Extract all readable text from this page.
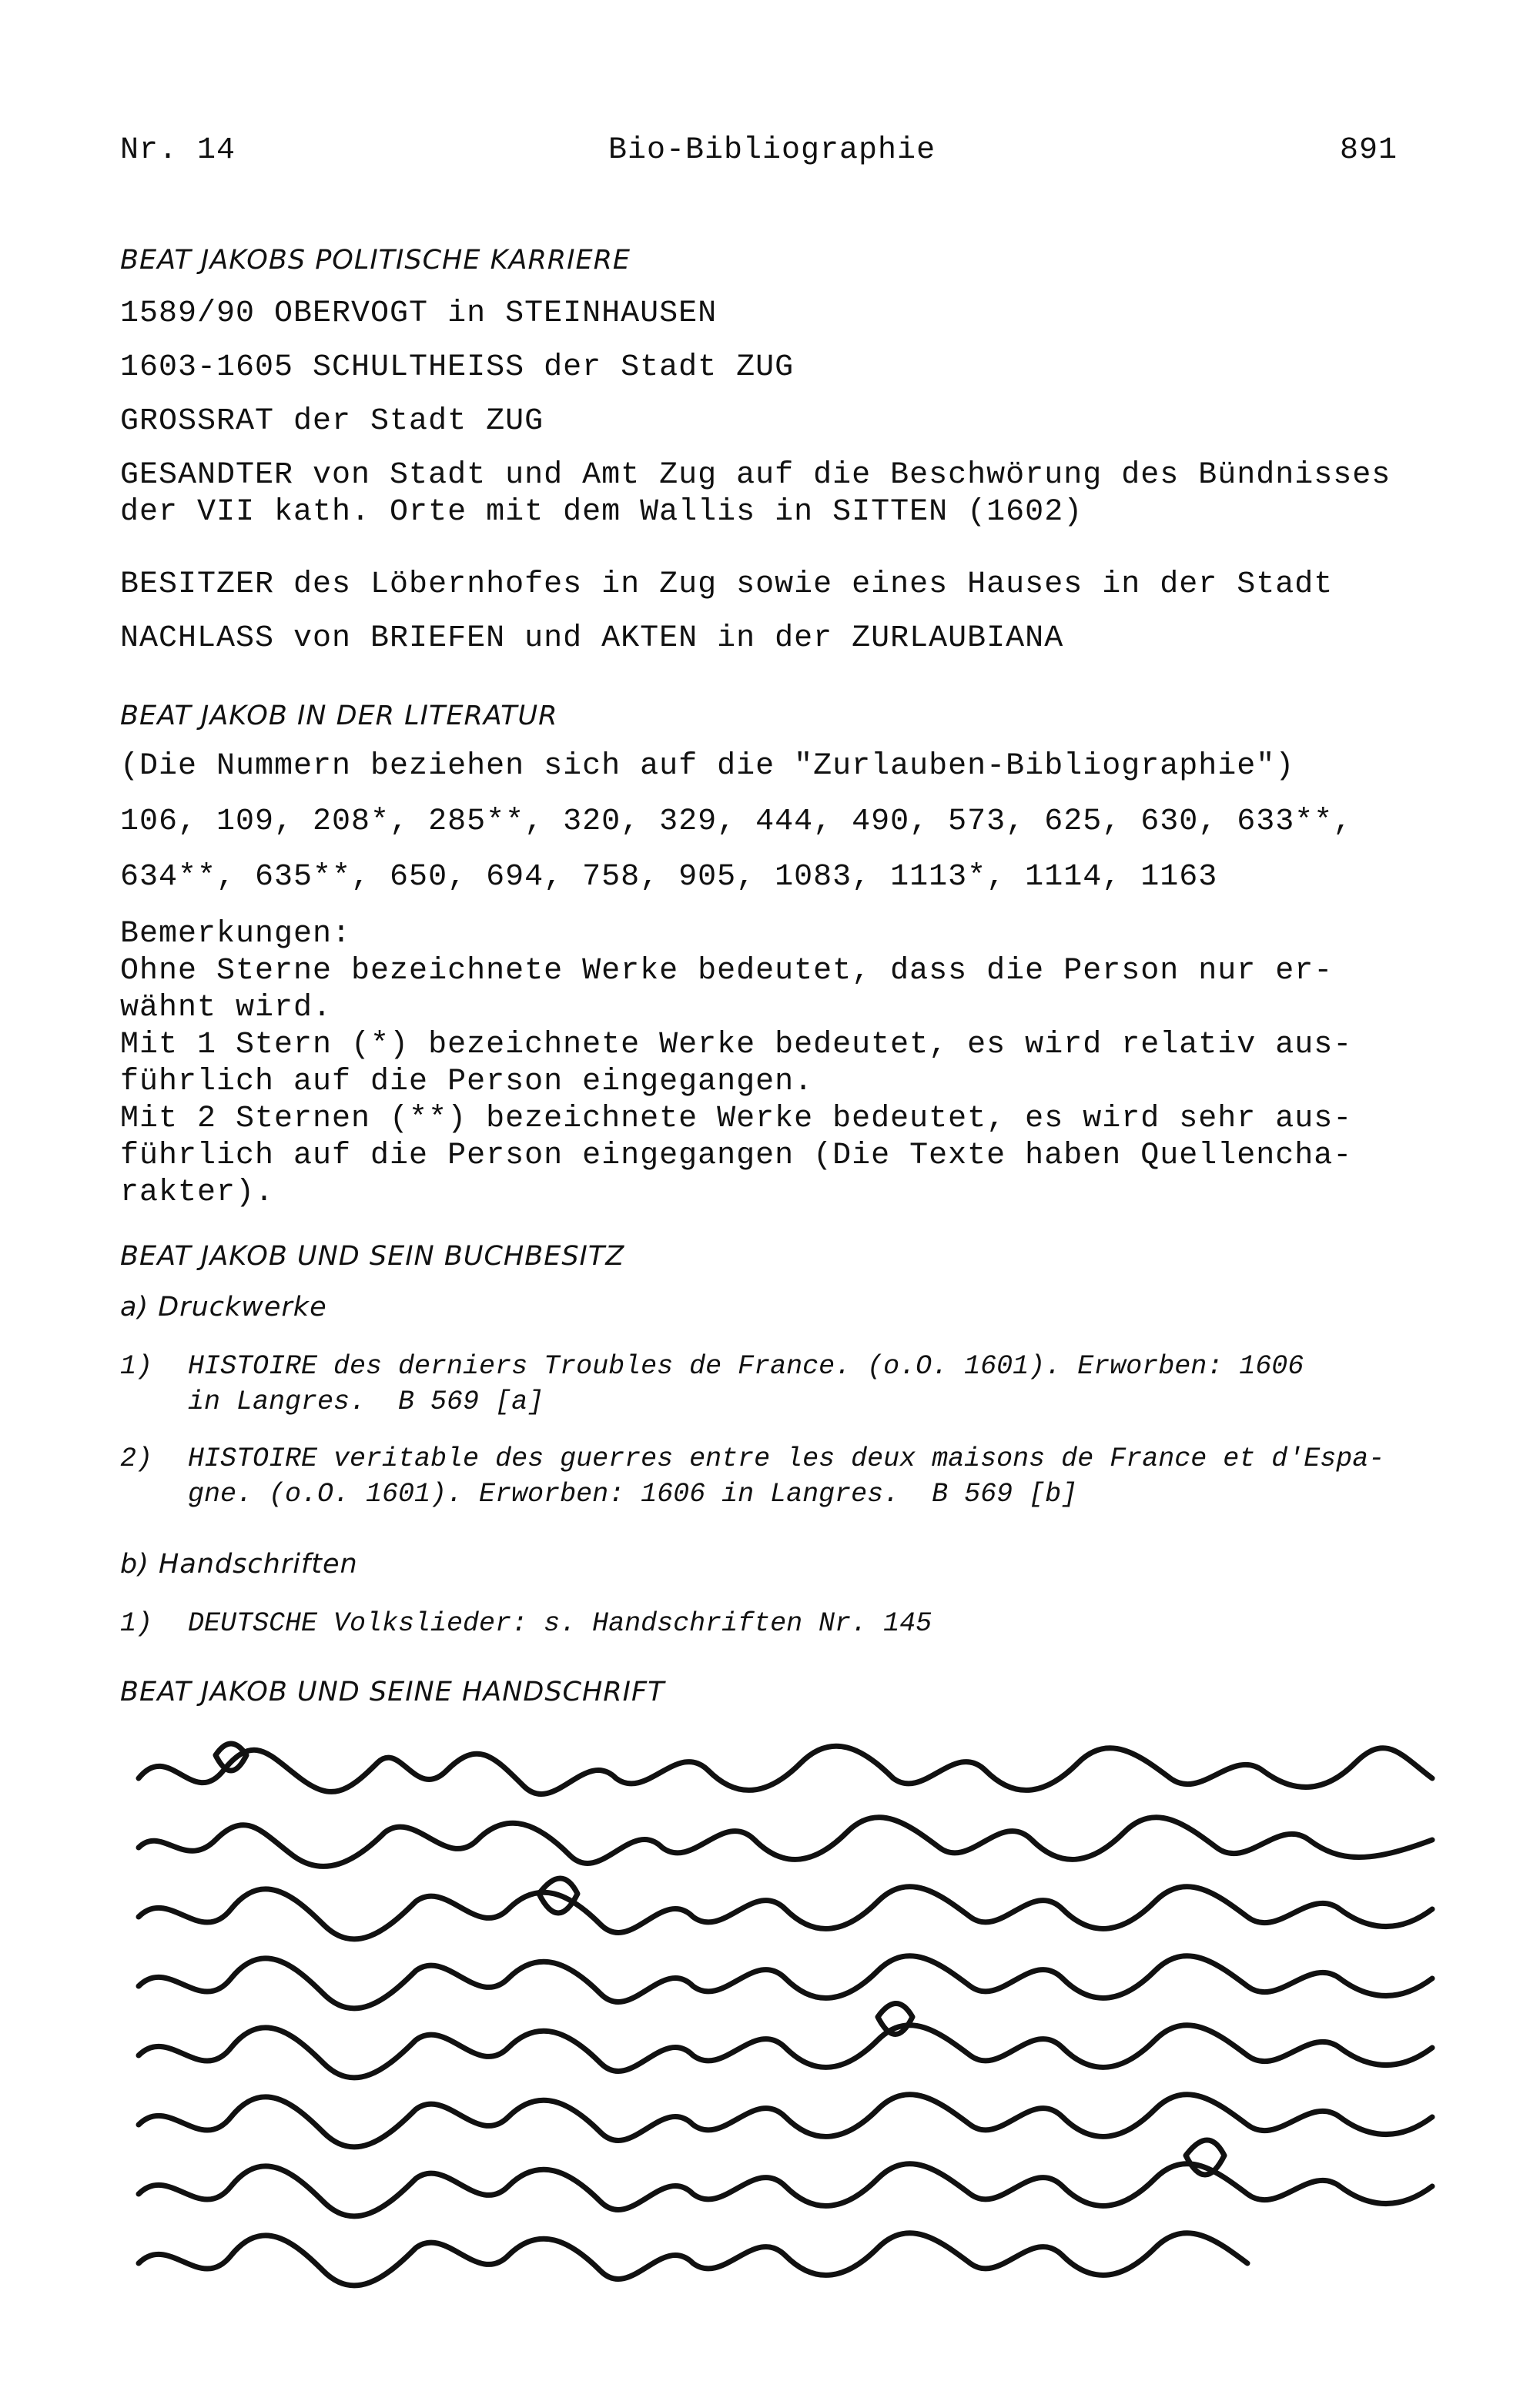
Nr. 14	Bio-Bibliographie	891
BEAT JAKOBS POLITISCHE KARRIERE
1589/90 OBERVOGT in STEINHAUSEN
1603-1605 SCHULTHEISS der Stadt ZUG
GROSSRAT der Stadt ZUG
GESANDTER von Stadt und Amt Zug auf die Beschwörung des Bündnisses
der VII kath. Orte mit dem Wallis in SITTEN (1602)
BESITZER des Löbernhofes in Zug sowie eines Hauses in der Stadt
NACHLASS von BRIEFEN und AKTEN in der ZURLAUBIANA
BEAT JAKOB IN DER LITERATUR
(Die Nummern beziehen sich auf die "Zurlauben-Bibliographie")
106, 109, 208*, 285**, 320, 329, 444, 490, 573, 625, 630, 633**,
634**, 635**, 650, 694, 758, 905, 1083, 1113*, 1114, 1163
Bemerkungen:
Ohne Sterne bezeichnete Werke bedeutet, dass die Person nur er-
wähnt wird.
Mit 1 Stern (*) bezeichnete Werke bedeutet, es wird relativ aus-
führlich auf die Person eingegangen.
Mit 2 Sternen (**) bezeichnete Werke bedeutet, es wird sehr aus-
führlich auf die Person eingegangen (Die Texte haben Quellencha-
rakter).
BEAT JAKOB UND SEIN BUCHBESITZ
a) Druckwerke
1) HISTOIRE des derniers Troubles de France. (o.O. 1601). Erworben: 1606
in Langres.  B 569 [a]
2) HISTOIRE veritable des guerres entre les deux maisons de France et d'Espa-
gne. (o.O. 1601). Erworben: 1606 in Langres.  B 569 [b]
b) Handschriften
1) DEUTSCHE Volkslieder: s. Handschriften Nr. 145
BEAT JAKOB UND SEINE HANDSCHRIFT
